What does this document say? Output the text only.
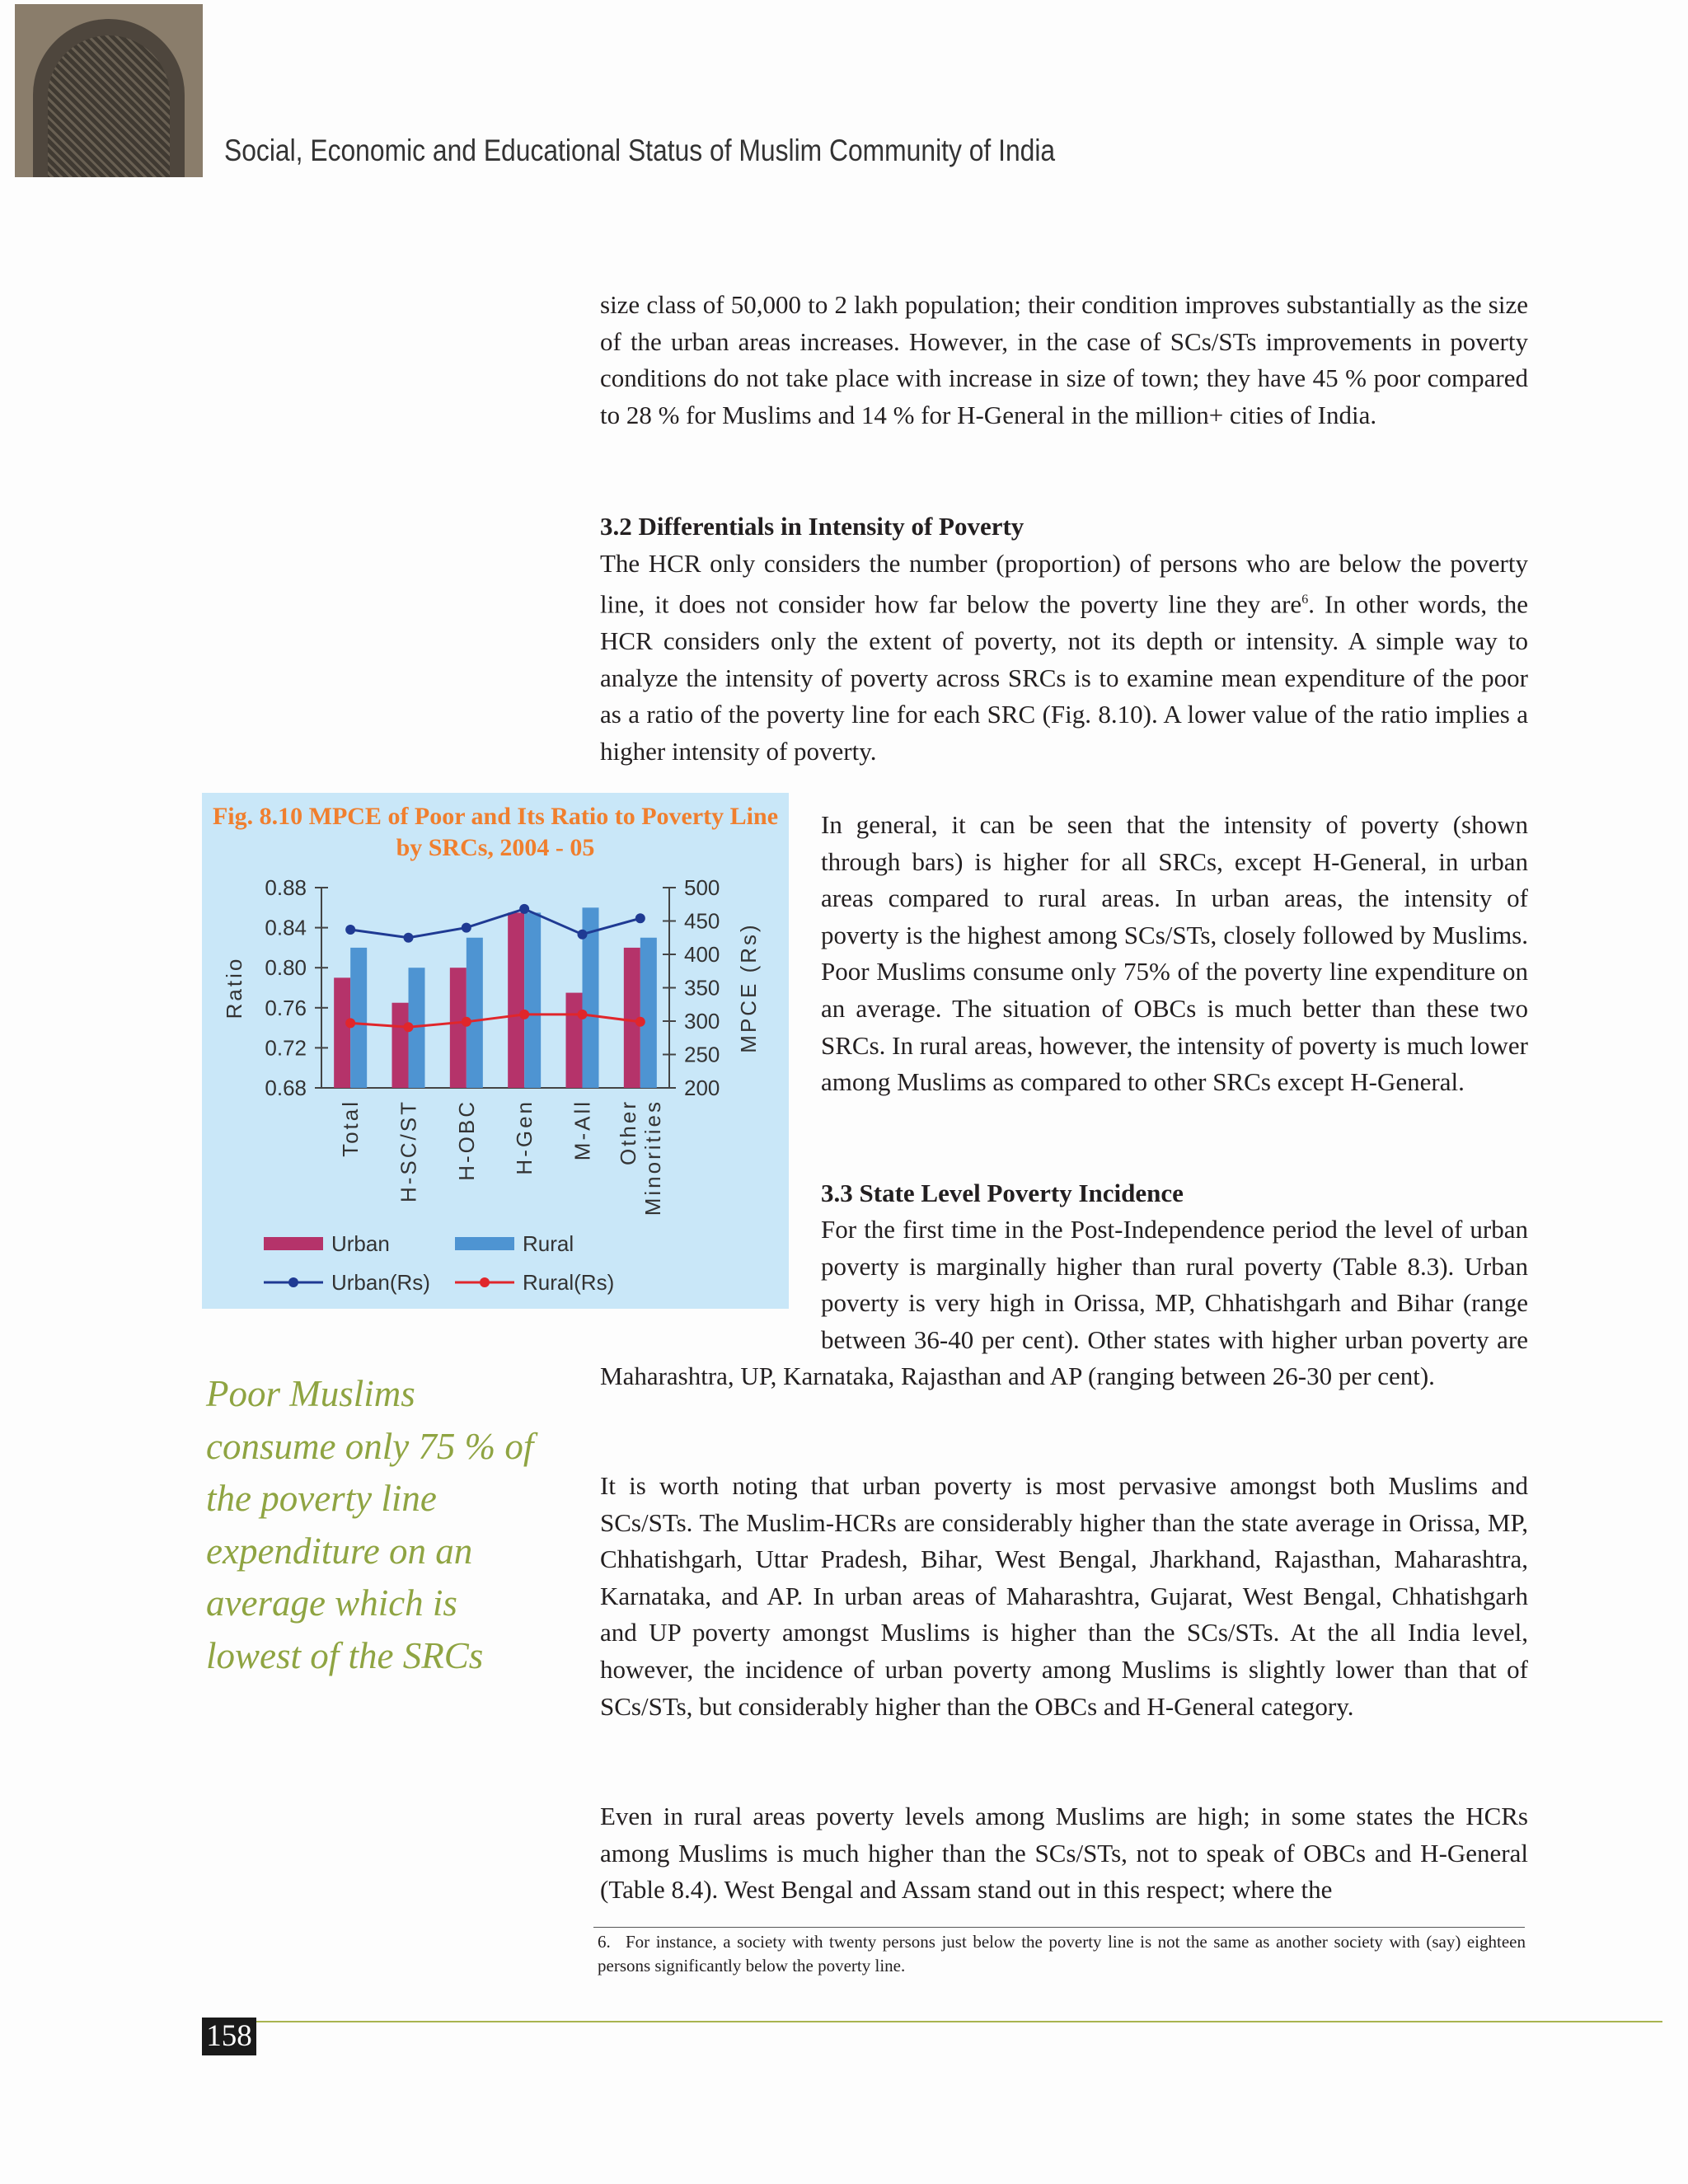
Social, Economic and Educational Status of Muslim Community of India

size class of 50,000 to 2 lakh population; their condition improves substantially as the size of the urban areas increases. However, in the case of SCs/STs improvements in poverty conditions do not take place with increase in size of town; they have 45 % poor compared to 28 % for Muslims and 14 % for H-General in the million+ cities of India.

3.2 Differentials in Intensity of Poverty

The HCR only considers the number (proportion) of persons who are below the poverty line, it does not consider how far below the poverty line they are$^6$. In other words, the HCR considers only the extent of poverty, not its depth or intensity. A simple way to analyze the intensity of poverty across SRCs is to examine mean expenditure of the poor as a ratio of the poverty line for each SRC (Fig. 8.10). A lower value of the ratio implies a higher intensity of poverty.

Fig. 8.10 MPCE of Poor and Its Ratio to Poverty Line by SRCs, 2004 - 05
0.88
0.84
0.80
0.76
0.72
0.68
500
450
400
350
300
250
200
Ratio	MPCE (Rs)
Total H-SC/ST H-OBC H-Gen M-All Other Minorities
Urban	Rural
Urban(Rs)	Rural(Rs)

In general, it can be seen that the intensity of poverty (shown through bars) is higher for all SRCs, except H-General, in urban areas compared to rural areas. In urban areas, the intensity of poverty is the highest among SCs/STs, closely followed by Muslims. Poor Muslims consume only 75% of the poverty line expenditure on an average. The situation of OBCs is much better than these two SRCs. In rural areas, however, the intensity of poverty is much lower among Muslims as compared to other SRCs except H-General.

3.3 State Level Poverty Incidence

For the first time in the Post-Independence period the level of urban poverty is marginally higher than rural poverty (Table 8.3). Urban poverty is very high in Orissa, MP, Chhatishgarh and Bihar (range between 36-40 per cent). Other states with higher urban poverty are Maharashtra, UP, Karnataka, Rajasthan and AP (ranging between 26-30 per cent).

Poor Muslims consume only 75 % of the poverty line expenditure on an average which is lowest of the SRCs

It is worth noting that urban poverty is most pervasive amongst both Muslims and SCs/STs. The Muslim-HCRs are considerably higher than the state average in Orissa, MP, Chhatishgarh, Uttar Pradesh, Bihar, West Bengal, Jharkhand, Rajasthan, Maharashtra, Karnataka, and AP. In urban areas of Maharashtra, Gujarat, West Bengal, Chhatishgarh and UP poverty amongst Muslims is higher than the SCs/STs. At the all India level, however, the incidence of urban poverty among Muslims is slightly lower than that of SCs/STs, but considerably higher than the OBCs and H-General category.

Even in rural areas poverty levels among Muslims are high; in some states the HCRs among Muslims is much higher than the SCs/STs, not to speak of OBCs and H-General (Table 8.4). West Bengal and Assam stand out in this respect; where the

6. For instance, a society with twenty persons just below the poverty line is not the same as another society with (say) eighteen persons significantly below the poverty line.
158
